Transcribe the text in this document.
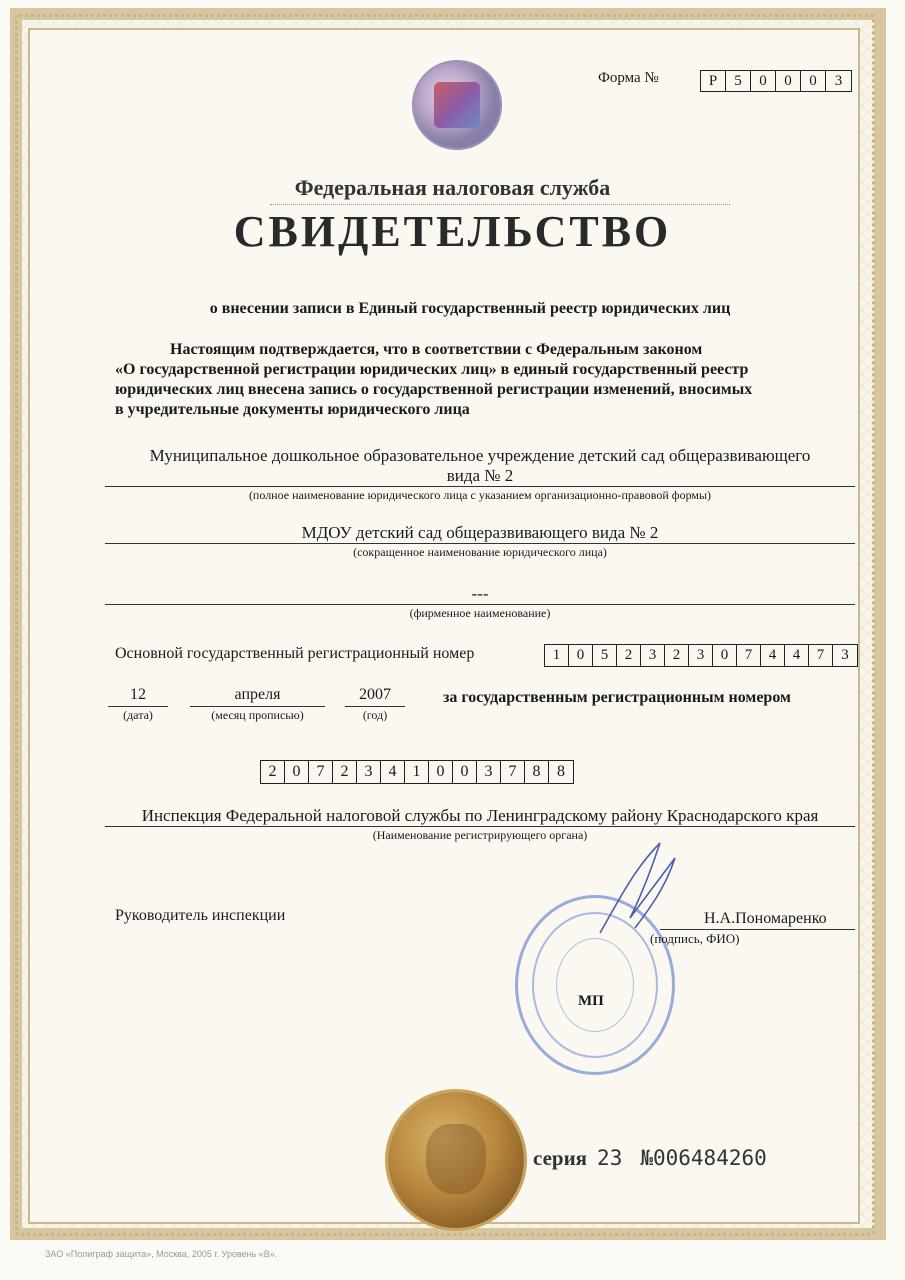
Форма №	Р	5	0	0	0	3
Федеральная налоговая служба
СВИДЕТЕЛЬСТВО
о внесении записи в Единый государственный реестр юридических лиц
Настоящим подтверждается, что в соответствии с Федеральным законом
«О государственной регистрации юридических лиц» в единый государственный реестр
юридических лиц внесена запись о государственной регистрации изменений, вносимых
в учредительные документы юридического лица
Муниципальное дошкольное образовательное учреждение детский сад общеразвивающего
вида № 2
(полное наименование юридического лица с указанием организационно-правовой формы)
МДОУ детский сад общеразвивающего вида № 2
(сокращенное наименование юридического лица)
---
(фирменное наименование)
Основной государственный регистрационный номер	1	0	5	2	3	2	3	0	7	4	4	7	3
12
(дата)
апреля
(месяц прописью)
2007
(год)
за государственным регистрационным номером
2	0	7	2	3	4	1	0	0	3	7	8	8
Инспекция Федеральной налоговой службы по Ленинградскому району Краснодарского края
(Наименование регистрирующего органа)
Руководитель инспекции	Н.А.Пономаренко
(подпись, ФИО)
МП
серия 23 №006484260
ЗАО «Полиграф защита», Москва, 2005 г. Уровень «В».
